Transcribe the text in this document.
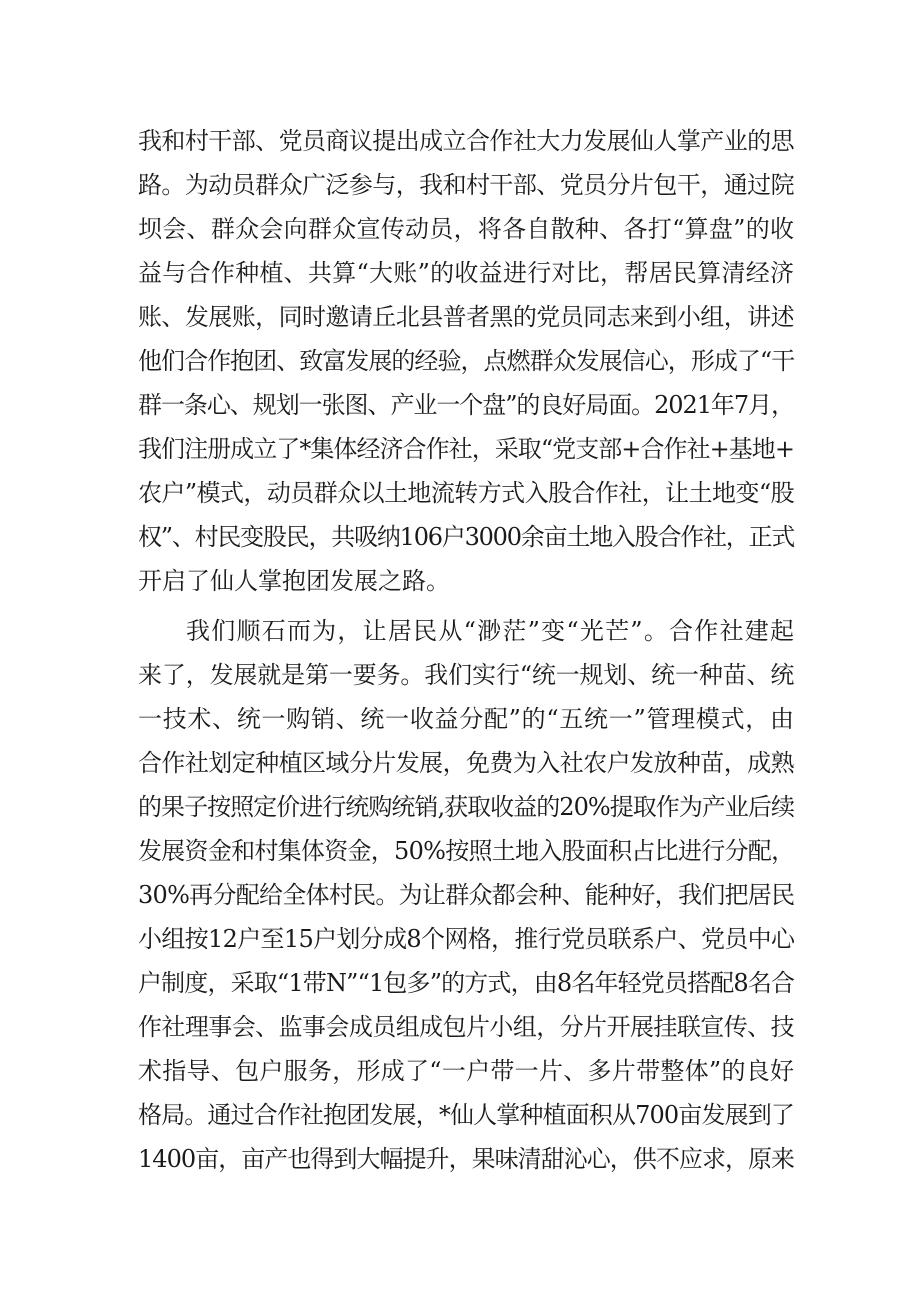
我和村干部、党员商议提出成立合作社大力发展仙人掌产业的思
路。为动员群众广泛参与，我和村干部、党员分片包干，通过院
坝会、群众会向群众宣传动员，将各自散种、各打“算盘”的收
益与合作种植、共算“大账”的收益进行对比，帮居民算清经济
账、发展账，同时邀请丘北县普者黑的党员同志来到小组，讲述
他们合作抱团、致富发展的经验，点燃群众发展信心，形成了“干
群一条心、规划一张图、产业一个盘”的良好局面。2021年7月，
我们注册成立了*集体经济合作社，采取“党支部+合作社+基地+
农户”模式，动员群众以土地流转方式入股合作社，让土地变“股
权”、村民变股民，共吸纳106户3000余亩土地入股合作社，正式
开启了仙人掌抱团发展之路。
我们顺石而为，让居民从“渺茫”变“光芒”。合作社建起
来了，发展就是第一要务。我们实行“统一规划、统一种苗、统
一技术、统一购销、统一收益分配”的“五统一”管理模式，由
合作社划定种植区域分片发展，免费为入社农户发放种苗，成熟
的果子按照定价进行统购统销,获取收益的20%提取作为产业后续
发展资金和村集体资金，50%按照土地入股面积占比进行分配，
30%再分配给全体村民。为让群众都会种、能种好，我们把居民
小组按12户至15户划分成8个网格，推行党员联系户、党员中心
户制度，采取“1带N”“1包多”的方式，由8名年轻党员搭配8名合
作社理事会、监事会成员组成包片小组，分片开展挂联宣传、技
术指导、包户服务，形成了“一户带一片、多片带整体”的良好
格局。通过合作社抱团发展，*仙人掌种植面积从700亩发展到了
1400亩，亩产也得到大幅提升，果味清甜沁心，供不应求，原来
